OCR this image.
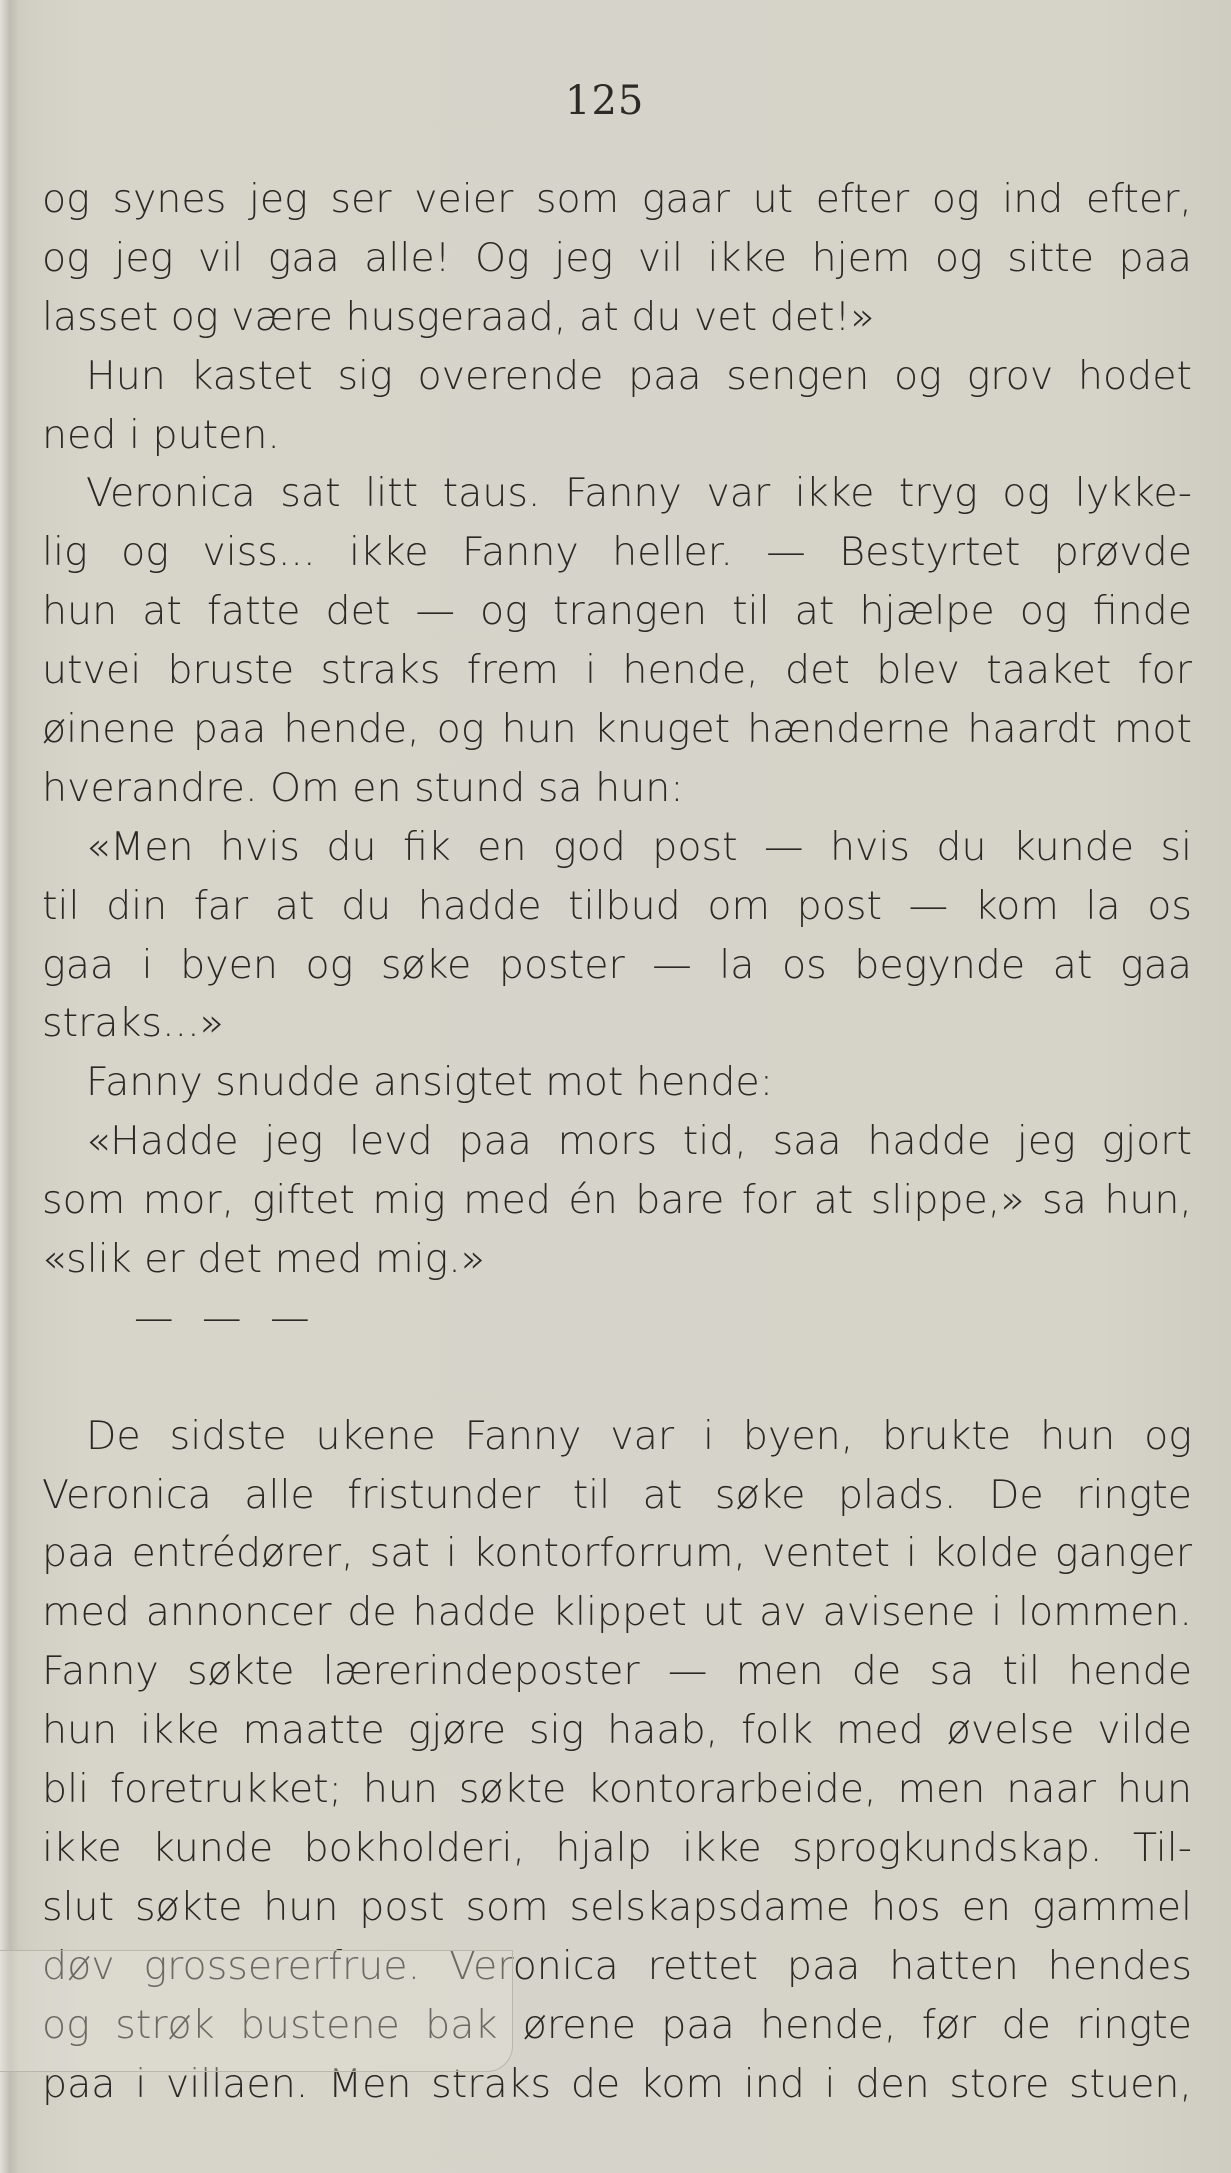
125
og synes jeg ser veier som gaar ut efter og ind efter,
og jeg vil gaa alle! Og jeg vil ikke hjem og sitte paa
lasset og være husgeraad, at du vet det!»
Hun kastet sig overende paa sengen og grov hodet
ned i puten.
Veronica sat litt taus. Fanny var ikke tryg og lykke-
lig og viss... ikke Fanny heller. — Bestyrtet prøvde
hun at fatte det — og trangen til at hjælpe og finde
utvei bruste straks frem i hende, det blev taaket for
øinene paa hende, og hun knuget hænderne haardt mot
hverandre. Om en stund sa hun:
«Men hvis du fik en god post — hvis du kunde si
til din far at du hadde tilbud om post — kom la os
gaa i byen og søke poster — la os begynde at gaa
straks...»
Fanny snudde ansigtet mot hende:
«Hadde jeg levd paa mors tid, saa hadde jeg gjort
som mor, giftet mig med én bare for at slippe,» sa hun,
«slik er det med mig.»
— — —
De sidste ukene Fanny var i byen, brukte hun og
Veronica alle fristunder til at søke plads. De ringte
paa entrédører, sat i kontorforrum, ventet i kolde ganger
med annoncer de hadde klippet ut av avisene i lommen.
Fanny søkte lærerindeposter — men de sa til hende
hun ikke maatte gjøre sig haab, folk med øvelse vilde
bli foretrukket; hun søkte kontorarbeide, men naar hun
ikke kunde bokholderi, hjalp ikke sprogkundskap. Til-
slut søkte hun post som selskapsdame hos en gammel
døv grossererfrue. Veronica rettet paa hatten hendes
og strøk bustene bak ørene paa hende, før de ringte
paa i villaen. Men straks de kom ind i den store stuen,
